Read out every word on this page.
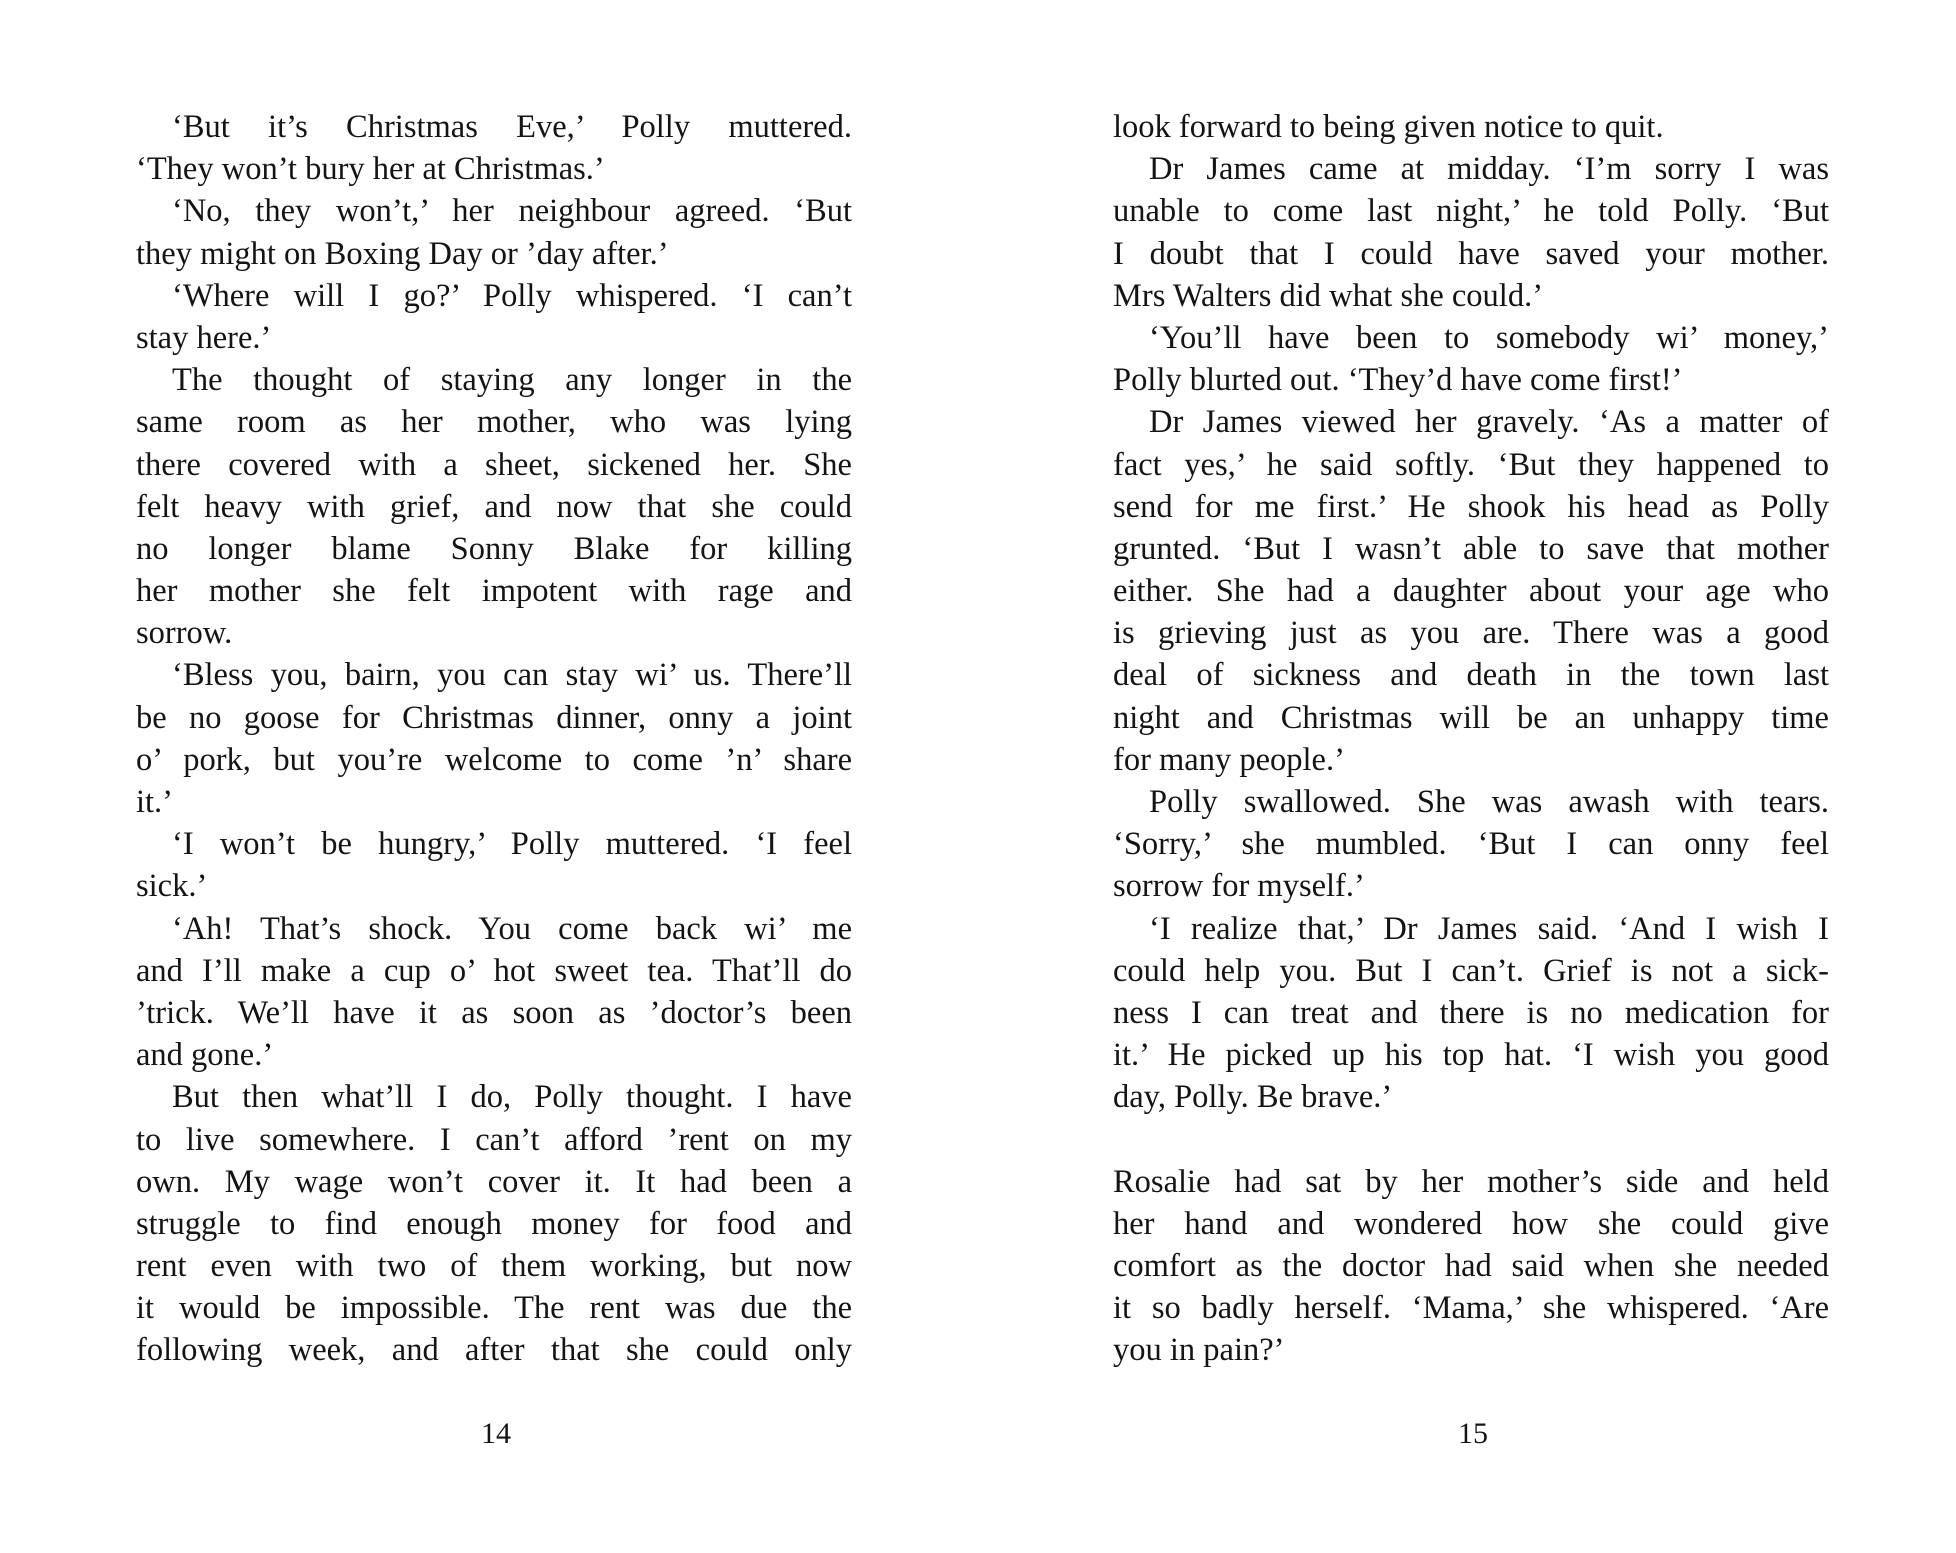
‘But it’s Christmas Eve,’ Polly muttered.
‘They won’t bury her at Christmas.’
‘No, they won’t,’ her neighbour agreed. ‘But
they might on Boxing Day or ’day after.’
‘Where will I go?’ Polly whispered. ‘I can’t
stay here.’
The thought of staying any longer in the
same room as her mother, who was lying
there covered with a sheet, sickened her. She
felt heavy with grief, and now that she could
no longer blame Sonny Blake for killing
her mother she felt impotent with rage and
sorrow.
‘Bless you, bairn, you can stay wi’ us. There’ll
be no goose for Christmas dinner, onny a joint
o’ pork, but you’re welcome to come ’n’ share
it.’
‘I won’t be hungry,’ Polly muttered. ‘I feel
sick.’
‘Ah! That’s shock. You come back wi’ me
and I’ll make a cup o’ hot sweet tea. That’ll do
’trick. We’ll have it as soon as ’doctor’s been
and gone.’
But then what’ll I do, Polly thought. I have
to live somewhere. I can’t afford ’rent on my
own. My wage won’t cover it. It had been a
struggle to find enough money for food and
rent even with two of them working, but now
it would be impossible. The rent was due the
following week, and after that she could only
14
look forward to being given notice to quit.
Dr James came at midday. ‘I’m sorry I was
unable to come last night,’ he told Polly. ‘But
I doubt that I could have saved your mother.
Mrs Walters did what she could.’
‘You’ll have been to somebody wi’ money,’
Polly blurted out. ‘They’d have come first!’
Dr James viewed her gravely. ‘As a matter of
fact yes,’ he said softly. ‘But they happened to
send for me first.’ He shook his head as Polly
grunted. ‘But I wasn’t able to save that mother
either. She had a daughter about your age who
is grieving just as you are. There was a good
deal of sickness and death in the town last
night and Christmas will be an unhappy time
for many people.’
Polly swallowed. She was awash with tears.
‘Sorry,’ she mumbled. ‘But I can onny feel
sorrow for myself.’
‘I realize that,’ Dr James said. ‘And I wish I
could help you. But I can’t. Grief is not a sick-
ness I can treat and there is no medication for
it.’ He picked up his top hat. ‘I wish you good
day, Polly. Be brave.’
Rosalie had sat by her mother’s side and held
her hand and wondered how she could give
comfort as the doctor had said when she needed
it so badly herself. ‘Mama,’ she whispered. ‘Are
you in pain?’
15
